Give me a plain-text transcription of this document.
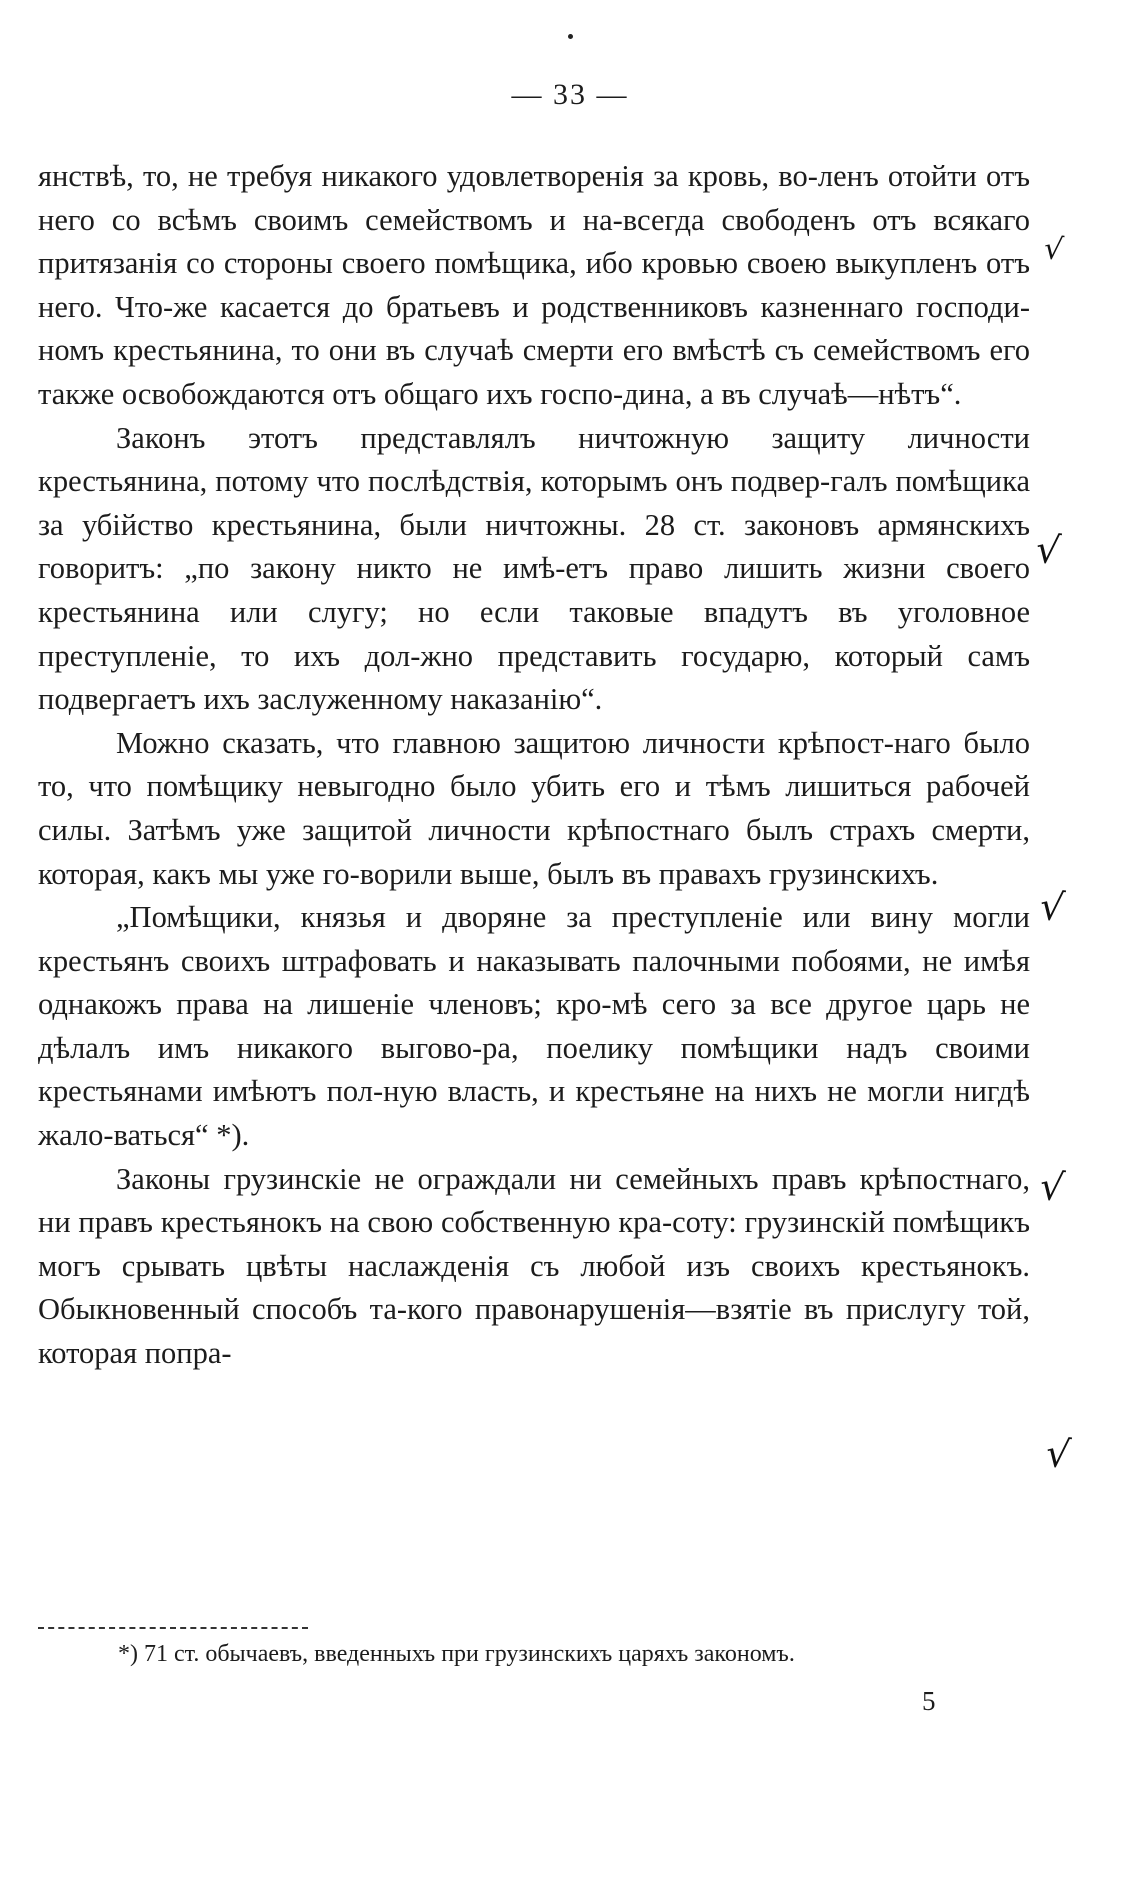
— 33 —

янствѣ, то, не требуя никакого удовлетворенія за кровь, во-ленъ отойти отъ него со всѣмъ своимъ семействомъ и на-всегда свободенъ отъ всякаго притязанія со стороны своего помѣщика, ибо кровью своею выкупленъ отъ него. Что-же касается до братьевъ и родственниковъ казненнаго господи-номъ крестьянина, то они въ случаѣ смерти его вмѣстѣ съ семействомъ его также освобождаются отъ общаго ихъ госпо-дина, а въ случаѣ—нѣтъ“.

Законъ этотъ представлялъ ничтожную защиту личности крестьянина, потому что послѣдствія, которымъ онъ подвер-галъ помѣщика за убійство крестьянина, были ничтожны. 28 ст. законовъ армянскихъ говоритъ: „по закону никто не имѣ-етъ право лишить жизни своего крестьянина или слугу; но если таковые впадутъ въ уголовное преступленіе, то ихъ дол-жно представить государю, который самъ подвергаетъ ихъ заслуженному наказанію“.

Можно сказать, что главною защитою личности крѣпост-наго было то, что помѣщику невыгодно было убить его и тѣмъ лишиться рабочей силы. Затѣмъ уже защитой личности крѣпостнаго былъ страхъ смерти, которая, какъ мы уже го-ворили выше, былъ въ правахъ грузинскихъ.

„Помѣщики, князья и дворяне за преступленіе или вину могли крестьянъ своихъ штрафовать и наказывать палочными побоями, не имѣя однакожъ права на лишеніе членовъ; кро-мѣ сего за все другое царь не дѣлалъ имъ никакого выгово-ра, поелику помѣщики надъ своими крестьянами имѣютъ пол-ную власть, и крестьяне на нихъ не могли нигдѣ жало-ваться“ *).

Законы грузинскіе не ограждали ни семейныхъ правъ крѣпостнаго, ни правъ крестьянокъ на свою собственную кра-соту: грузинскій помѣщикъ могъ срывать цвѣты наслажденія съ любой изъ своихъ крестьянокъ. Обыкновенный способъ та-кого правонарушенія—взятіе въ прислугу той, которая попра-

*) 71 ст. обычаевъ, введенныхъ при грузинскихъ царяхъ закономъ.

5
√
√
√
√
√
